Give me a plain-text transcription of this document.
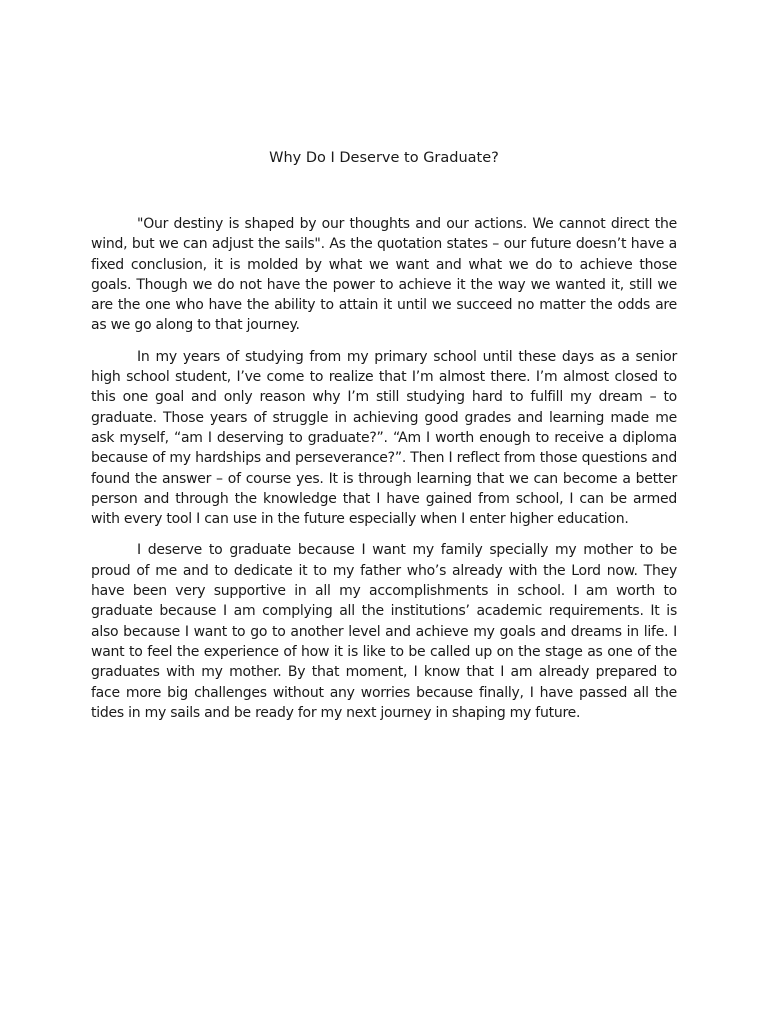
Why Do I Deserve to Graduate?

"Our destiny is shaped by our thoughts and our actions. We cannot direct the wind, but we can adjust the sails". As the quotation states – our future doesn’t have a fixed conclusion, it is molded by what we want and what we do to achieve those goals. Though we do not have the power to achieve it the way we wanted it, still we are the one who have the ability to attain it until we succeed no matter the odds are as we go along to that journey.

In my years of studying from my primary school until these days as a senior high school student, I’ve come to realize that I’m almost there. I’m almost closed to this one goal and only reason why I’m still studying hard to fulfill my dream – to graduate. Those years of struggle in achieving good grades and learning made me ask myself, “am I deserving to graduate?”. “Am I worth enough to receive a diploma because of my hardships and perseverance?”. Then I reflect from those questions and found the answer – of course yes. It is through learning that we can become a better person and through the knowledge that I have gained from school, I can be armed with every tool I can use in the future especially when I enter higher education.

I deserve to graduate because I want my family specially my mother to be proud of me and to dedicate it to my father who’s already with the Lord now. They have been very supportive in all my accomplishments in school. I am worth to graduate because I am complying all the institutions’ academic requirements. It is also because I want to go to another level and achieve my goals and dreams in life. I want to feel the experience of how it is like to be called up on the stage as one of the graduates with my mother. By that moment, I know that I am already prepared to face more big challenges without any worries because finally, I have passed all the tides in my sails and be ready for my next journey in shaping my future.
